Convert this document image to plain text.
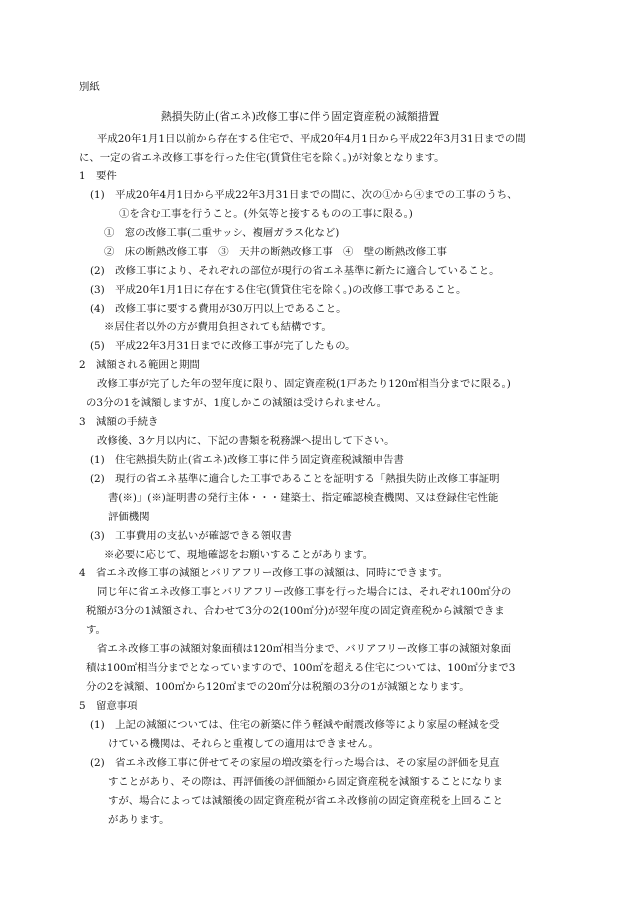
別紙
熱損失防止(省エネ)改修工事に伴う固定資産税の減額措置
平成20年1月1日以前から存在する住宅で、平成20年4月1日から平成22年3月31日までの間
に、一定の省エネ改修工事を行った住宅(賃貸住宅を除く。)が対象となります。
1　要件
(1)　平成20年4月1日から平成22年3月31日までの間に、次の①から④までの工事のうち、
①を含む工事を行うこと。(外気等と接するものの工事に限る。)
①　窓の改修工事(二重サッシ、複層ガラス化など)
②　床の断熱改修工事　③　天井の断熱改修工事　④　壁の断熱改修工事
(2)　改修工事により、それぞれの部位が現行の省エネ基準に新たに適合していること。
(3)　平成20年1月1日に存在する住宅(賃貸住宅を除く。)の改修工事であること。
(4)　改修工事に要する費用が30万円以上であること。
※居住者以外の方が費用負担されても結構です。
(5)　平成22年3月31日までに改修工事が完了したもの。
2　減額される範囲と期間
改修工事が完了した年の翌年度に限り、固定資産税(1戸あたり120㎡相当分までに限る。)
の3分の1を減額しますが、1度しかこの減額は受けられません。
3　減額の手続き
改修後、3ケ月以内に、下記の書類を税務課へ提出して下さい。
(1)　住宅熱損失防止(省エネ)改修工事に伴う固定資産税減額申告書
(2)　現行の省エネ基準に適合した工事であることを証明する「熱損失防止改修工事証明
書(※)」(※)証明書の発行主体・・・建築士、指定確認検査機関、又は登録住宅性能
評価機関
(3)　工事費用の支払いが確認できる領収書
※必要に応じて、現地確認をお願いすることがあります。
4　省エネ改修工事の減額とバリアフリー改修工事の減額は、同時にできます。
同じ年に省エネ改修工事とバリアフリー改修工事を行った場合には、それぞれ100㎡分の
税額が3分の1減額され、合わせて3分の2(100㎡分)が翌年度の固定資産税から減額できま
す。
省エネ改修工事の減額対象面積は120㎡相当分まで、バリアフリー改修工事の減額対象面
積は100㎡相当分までとなっていますので、100㎡を超える住宅については、100㎡分まで3
分の2を減額、100㎡から120㎡までの20㎡分は税額の3分の1が減額となります。
5　留意事項
(1)　上記の減額については、住宅の新築に伴う軽減や耐震改修等により家屋の軽減を受
けている機関は、それらと重複しての適用はできません。
(2)　省エネ改修工事に併せてその家屋の増改築を行った場合は、その家屋の評価を見直
すことがあり、その際は、再評価後の評価額から固定資産税を減額することになりま
すが、場合によっては減額後の固定資産税が省エネ改修前の固定資産税を上回ること
があります。
